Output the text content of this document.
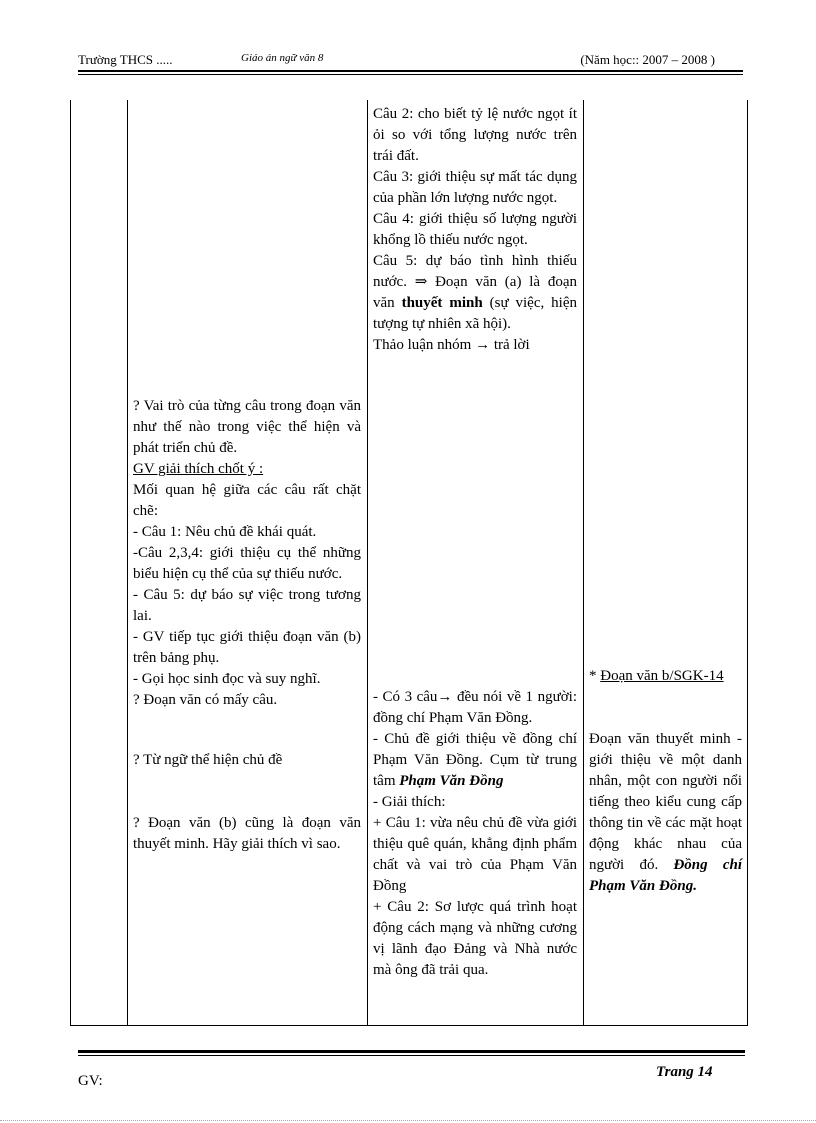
Trường THCS .....	Giáo án ngữ văn 8	(Năm học:: 2007 – 2008 )

Câu 2: cho biết tỷ lệ nước ngọt ít ỏi so với tổng lượng nước trên trái đất.

Câu 3: giới thiệu sự mất tác dụng của phần lớn lượng nước ngọt.

Câu 4: giới thiệu số lượng người khổng lồ thiếu nước ngọt.

Câu 5: dự báo tình hình thiếu nước. ⇒ Đoạn văn (a) là đoạn văn thuyết minh (sự việc, hiện tượng tự nhiên xã hội).

Thảo luận nhóm → trả lời

? Vai trò của từng câu trong đoạn văn như thế nào trong việc thể hiện và phát triển chủ đề.

GV giải thích chốt ý :

Mối quan hệ giữa các câu rất chặt chẽ:

- Câu 1: Nêu chủ đề khái quát.

-Câu 2,3,4: giới thiệu cụ thể những biểu hiện cụ thể của sự thiếu nước.

- Câu 5: dự báo sự việc trong tương lai.

- GV tiếp tục giới thiệu đoạn văn (b) trên bảng phụ.

- Gọi học sinh đọc và suy nghĩ.

? Đoạn văn có mấy câu.

? Từ ngữ thể hiện chủ đề

? Đoạn văn (b) cũng là đoạn văn thuyết minh. Hãy giải thích vì sao.

- Có 3 câu→ đều nói về 1 người: đồng chí Phạm Văn Đồng.

- Chủ đề giới thiệu về đồng chí Phạm Văn Đồng. Cụm từ trung tâm Phạm Văn Đồng

- Giải thích:

+ Câu 1: vừa nêu chủ đề vừa giới thiệu quê quán, khẳng định phẩm chất và vai trò của Phạm Văn Đồng

+ Câu 2: Sơ lược quá trình hoạt động cách mạng và những cương vị lãnh đạo Đảng và Nhà nước mà ông đã trải qua.

* Đoạn văn b/SGK-14

Đoạn văn thuyết minh - giới thiệu về một danh nhân, một con người nổi tiếng theo kiểu cung cấp thông tin về các mặt hoạt động khác nhau của người đó. Đồng chí Phạm Văn Đồng.

GV:
Trang 14
